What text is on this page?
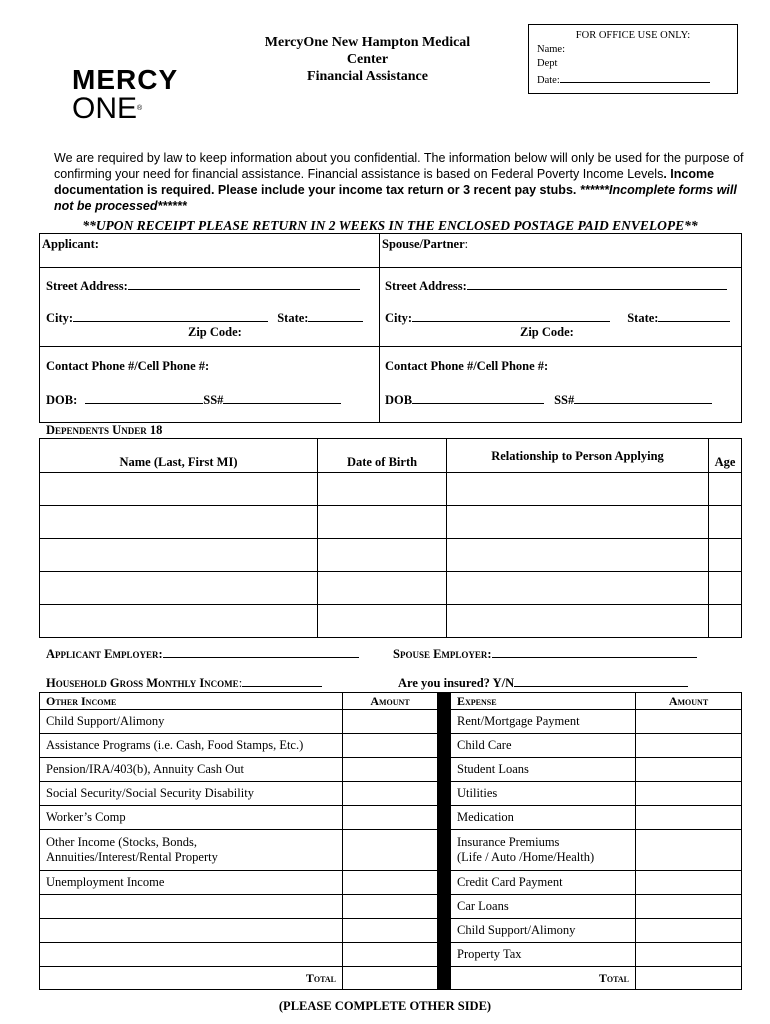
MERCY
ONE®
MercyOne New Hampton Medical
Center
Financial Assistance
FOR OFFICE USE ONLY:
Name:
Dept
Date:
We are required by law to keep information about you confidential. The information below will only be used for the purpose of confirming your need for financial assistance. Financial assistance is based on Federal Poverty Income Levels. Income documentation is required. Please include your income tax return or 3 recent pay stubs. ******Incomplete forms will not be processed******
**UPON RECEIPT PLEASE RETURN IN 2 WEEKS IN THE ENCLOSED POSTAGE PAID ENVELOPE**
Applicant:
Street Address:
City:	State:
Zip Code:
Contact Phone #/Cell Phone #:
DOB:	SS#
Spouse/Partner:
Street Address:
City:	State:
Zip Code:
Contact Phone #/Cell Phone #:
DOB	SS#
Dependents Under 18
Name (Last, First MI)	Date of Birth	Relationship to Person Applying	Age

Applicant Employer:	Spouse Employer:
Household Gross Monthly Income:	Are you insured? Y/N
Other Income	Amount		Expense	Amount
Child Support/Alimony			Rent/Mortgage Payment	
Assistance Programs (i.e. Cash, Food Stamps, Etc.)			Child Care	
Pension/IRA/403(b), Annuity Cash Out			Student Loans	
Social Security/Social Security Disability			Utilities	
Worker’s Comp			Medication	
Other Income (Stocks, Bonds,
Annuities/Interest/Rental Property			Insurance Premiums
(Life / Auto /Home/Health)	
Unemployment Income			Credit Card Payment	
			Car Loans	
			Child Support/Alimony	
			Property Tax	
Total			Total	
(PLEASE COMPLETE OTHER SIDE)
